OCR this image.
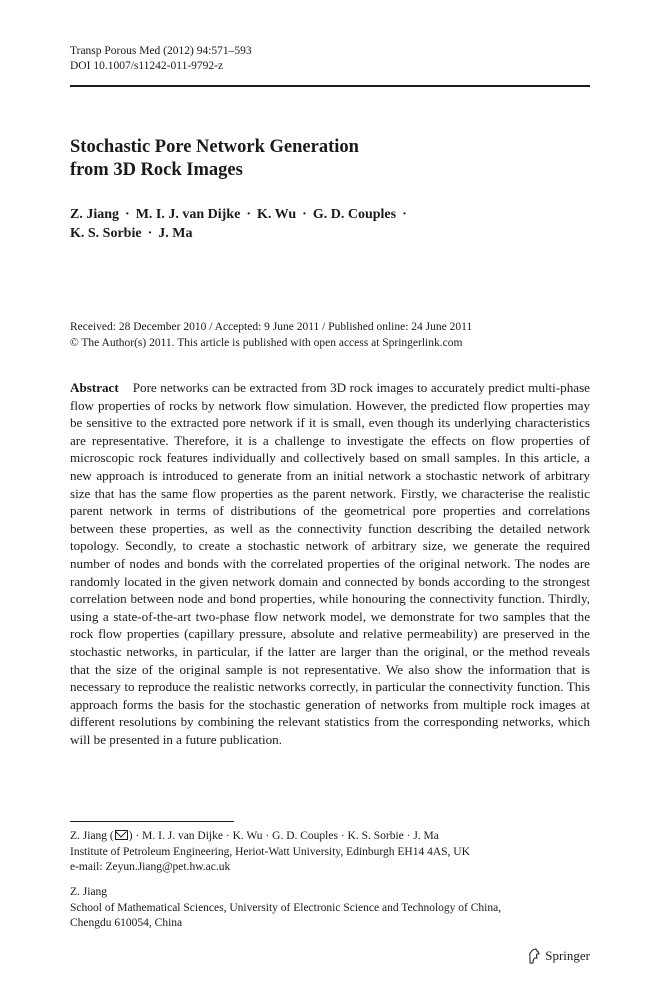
Transp Porous Med (2012) 94:571–593
DOI 10.1007/s11242-011-9792-z
Stochastic Pore Network Generation
from 3D Rock Images
Z. Jiang · M. I. J. van Dijke · K. Wu · G. D. Couples ·
K. S. Sorbie · J. Ma
Received: 28 December 2010 / Accepted: 9 June 2011 / Published online: 24 June 2011
© The Author(s) 2011. This article is published with open access at Springerlink.com
Abstract Pore networks can be extracted from 3D rock images to accurately predict multi-phase flow properties of rocks by network flow simulation. However, the predicted flow properties may be sensitive to the extracted pore network if it is small, even though its underlying characteristics are representative. Therefore, it is a challenge to investigate the effects on flow properties of microscopic rock features individually and collectively based on small samples. In this article, a new approach is introduced to generate from an initial network a stochastic network of arbitrary size that has the same flow properties as the parent network. Firstly, we characterise the realistic parent network in terms of distributions of the geometrical pore properties and correlations between these properties, as well as the connectivity function describing the detailed network topology. Secondly, to create a stochastic network of arbitrary size, we generate the required number of nodes and bonds with the correlated properties of the original network. The nodes are randomly located in the given network domain and connected by bonds according to the strongest correlation between node and bond properties, while honouring the connectivity function. Thirdly, using a state-of-the-art two-phase flow network model, we demonstrate for two samples that the rock flow properties (capillary pressure, absolute and relative permeability) are preserved in the stochastic networks, in particular, if the latter are larger than the original, or the method reveals that the size of the original sample is not representative. We also show the information that is necessary to reproduce the realistic networks correctly, in particular the connectivity function. This approach forms the basis for the stochastic generation of networks from multiple rock images at different resolutions by combining the relevant statistics from the corresponding networks, which will be presented in a future publication.
Z. Jiang ( ) · M. I. J. van Dijke · K. Wu · G. D. Couples · K. S. Sorbie · J. Ma
Institute of Petroleum Engineering, Heriot-Watt University, Edinburgh EH14 4AS, UK
e-mail: Zeyun.Jiang@pet.hw.ac.uk
Z. Jiang
School of Mathematical Sciences, University of Electronic Science and Technology of China,
Chengdu 610054, China
Springer
